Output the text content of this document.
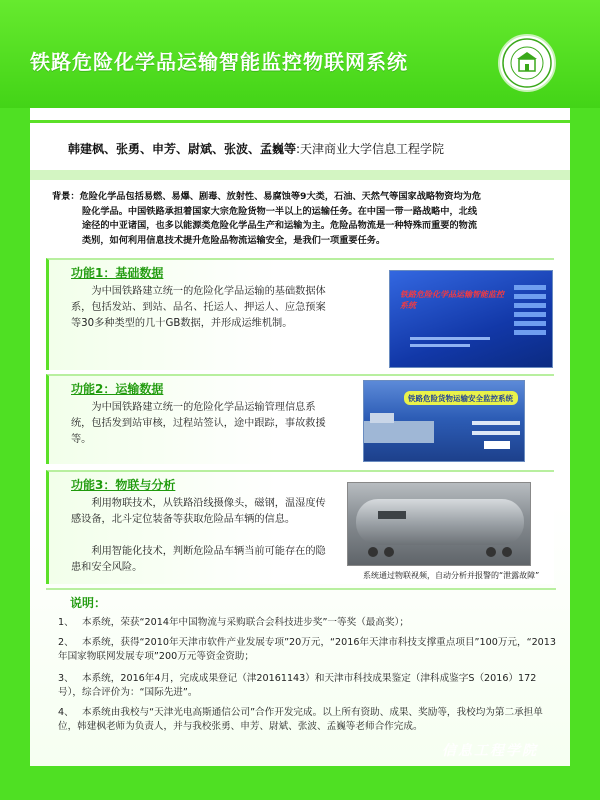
铁路危险化学品运输智能监控物联网系统
韩建枫、张勇、申芳、尉斌、张波、孟巍等:天津商业大学信息工程学院
背景：危险化学品包括易燃、易爆、剧毒、放射性、易腐蚀等9大类，石油、天然气等国家战略物资均为危
险化学品。中国铁路承担着国家大宗危险货物一半以上的运输任务。在中国一带一路战略中，北线
途径的中亚诸国，也多以能源类危险化学品生产和运输为主。危险品物流是一种特殊而重要的物流
类别，如何利用信息技术提升危险品物流运输安全，是我们一项重要任务。
功能1：基础数据
为中国铁路建立统一的危险化学品运输的基础数据体系，包括发站、到站、品名、托运人、押运人、应急预案等30多种类型的几十GB数据，并形成运维机制。
铁路危险化学品运输智能监控系统
功能2：运输数据
为中国铁路建立统一的危险化学品运输管理信息系统，包括发到站审核，过程站签认，途中跟踪，事故救援等。
铁路危险货物运输安全监控系统
功能3：物联与分析
利用物联技术，从铁路沿线摄像头，磁钢，温湿度传感设备，北斗定位装备等获取危险品车辆的信息。
利用智能化技术，判断危险品车辆当前可能存在的隐患和安全风险。
系统通过物联视频，自动分析并报警的“泄露故障”
说明：
1、 本系统，荣获“2014年中国物流与采购联合会科技进步奖”一等奖（最高奖）；
2、 本系统，获得“2010年天津市软件产业发展专项”20万元，“2016年天津市科技支撑重点项目”100万元，“2013年国家物联网发展专项”200万元等资金资助；
3、 本系统，2016年4月，完成成果登记（津20161143）和天津市科技成果鉴定（津科成鉴字S（2016）172号），综合评价为：“国际先进”。
4、 本系统由我校与“天津光电高斯通信公司”合作开发完成。以上所有资助、成果、奖励等，我校均为第二承担单位，韩建枫老师为负责人，并与我校张勇、申芳、尉斌、张波、孟巍等老师合作完成。
信息工程学院
